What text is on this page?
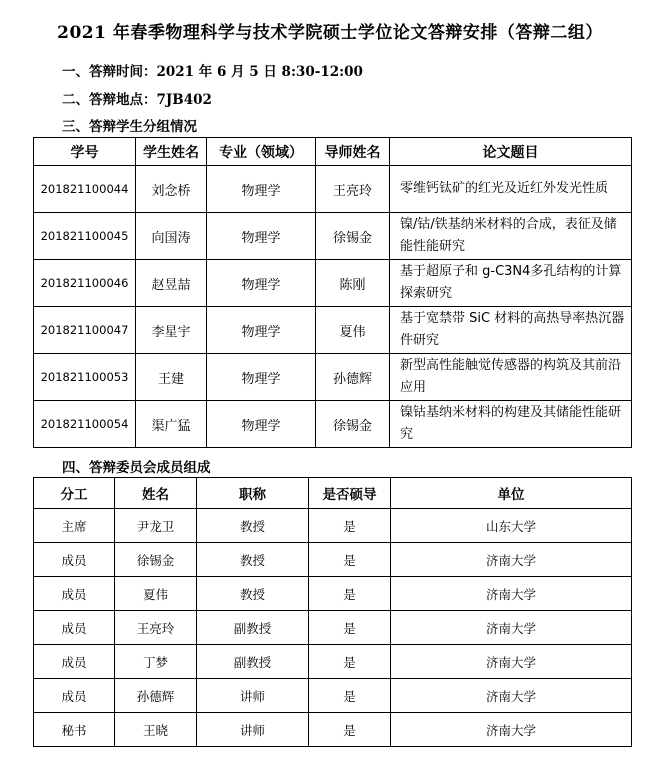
2021 年春季物理科学与技术学院硕士学位论文答辩安排（答辩二组）
一、答辩时间：2021 年 6 月 5 日 8:30-12:00
二、答辩地点：7JB402
三、答辩学生分组情况
学号	学生姓名	专业（领域）	导师姓名	论文题目
201821100044	刘念桥	物理学	王亮玲	零维钙钛矿的红光及近红外发光性质
201821100045	向国涛	物理学	徐锡金	镍/钴/铁基纳米材料的合成，表征及储能性能研究
201821100046	赵昱喆	物理学	陈刚	基于超原子和 g-C3N4多孔结构的计算探索研究
201821100047	李星宇	物理学	夏伟	基于宽禁带 SiC 材料的高热导率热沉器件研究
201821100053	王建	物理学	孙德辉	新型高性能触觉传感器的构筑及其前沿应用
201821100054	渠广猛	物理学	徐锡金	镍钴基纳米材料的构建及其储能性能研究
四、答辩委员会成员组成
分工	姓名	职称	是否硕导	单位
主席	尹龙卫	教授	是	山东大学
成员	徐锡金	教授	是	济南大学
成员	夏伟	教授	是	济南大学
成员	王亮玲	副教授	是	济南大学
成员	丁梦	副教授	是	济南大学
成员	孙德辉	讲师	是	济南大学
秘书	王晓	讲师	是	济南大学
